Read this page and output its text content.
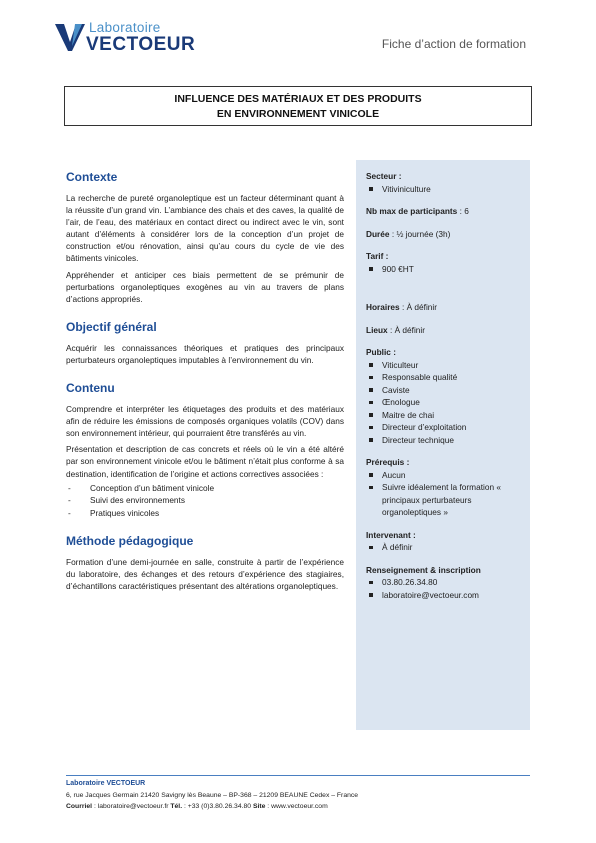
Laboratoire
VECTOEUR	Fiche d’action de formation
INFLUENCE DES MATÉRIAUX ET DES PRODUITS
EN ENVIRONNEMENT VINICOLE
Contexte

La recherche de pureté organoleptique est un facteur déterminant quant à la réussite d’un grand vin. L’ambiance des chais et des caves, la qualité de l’air, de l’eau, des matériaux en contact direct ou indirect avec le vin, sont autant d’éléments à considérer lors de la conception d’un projet de construction et/ou rénovation, ainsi qu’au cours du cycle de vie des bâtiments vinicoles.

Appréhender et anticiper ces biais permettent de se prémunir de perturbations organoleptiques exogènes au vin au travers de plans d’actions appropriés.

Objectif général

Acquérir les connaissances théoriques et pratiques des principaux perturbateurs organoleptiques imputables à l’environnement du vin.

Contenu

Comprendre et interpréter les étiquetages des produits et des matériaux afin de réduire les émissions de composés organiques volatils (COV) dans son environnement intérieur, qui pourraient être transférés au vin.

Présentation et description de cas concrets et réels où le vin a été altéré par son environnement vinicole et/ou le bâtiment n’était plus conforme à sa destination, identification de l’origine et actions correctives associées :

- Conception d’un bâtiment vinicole
- Suivi des environnements
- Pratiques vinicoles
Méthode pédagogique

Formation d’une demi-journée en salle, construite à partir de l’expérience du laboratoire, des échanges et des retours d’expérience des stagiaires, d’échantillons caractéristiques présentant des altérations organoleptiques.

Secteur :
Vitiviniculture
Nb max de participants : 6
Durée : ½ journée (3h)
Tarif :
900 €HT
Horaires : À définir
Lieux : À définir
Public :
Viticulteur
Responsable qualité
Caviste
Œnologue
Maitre de chai
Directeur d’exploitation
Directeur technique
Prérequis :
Aucun
Suivre idéalement la formation « principaux perturbateurs organoleptiques »
Intervenant :
À définir
Renseignement & inscription
03.80.26.34.80
laboratoire@vectoeur.com
Laboratoire VECTOEUR
6, rue Jacques Germain 21420 Savigny lès Beaune – BP-368 – 21209 BEAUNE Cedex – France
Courriel : laboratoire@vectoeur.fr Tél. : +33 (0)3.80.26.34.80 Site : www.vectoeur.com
